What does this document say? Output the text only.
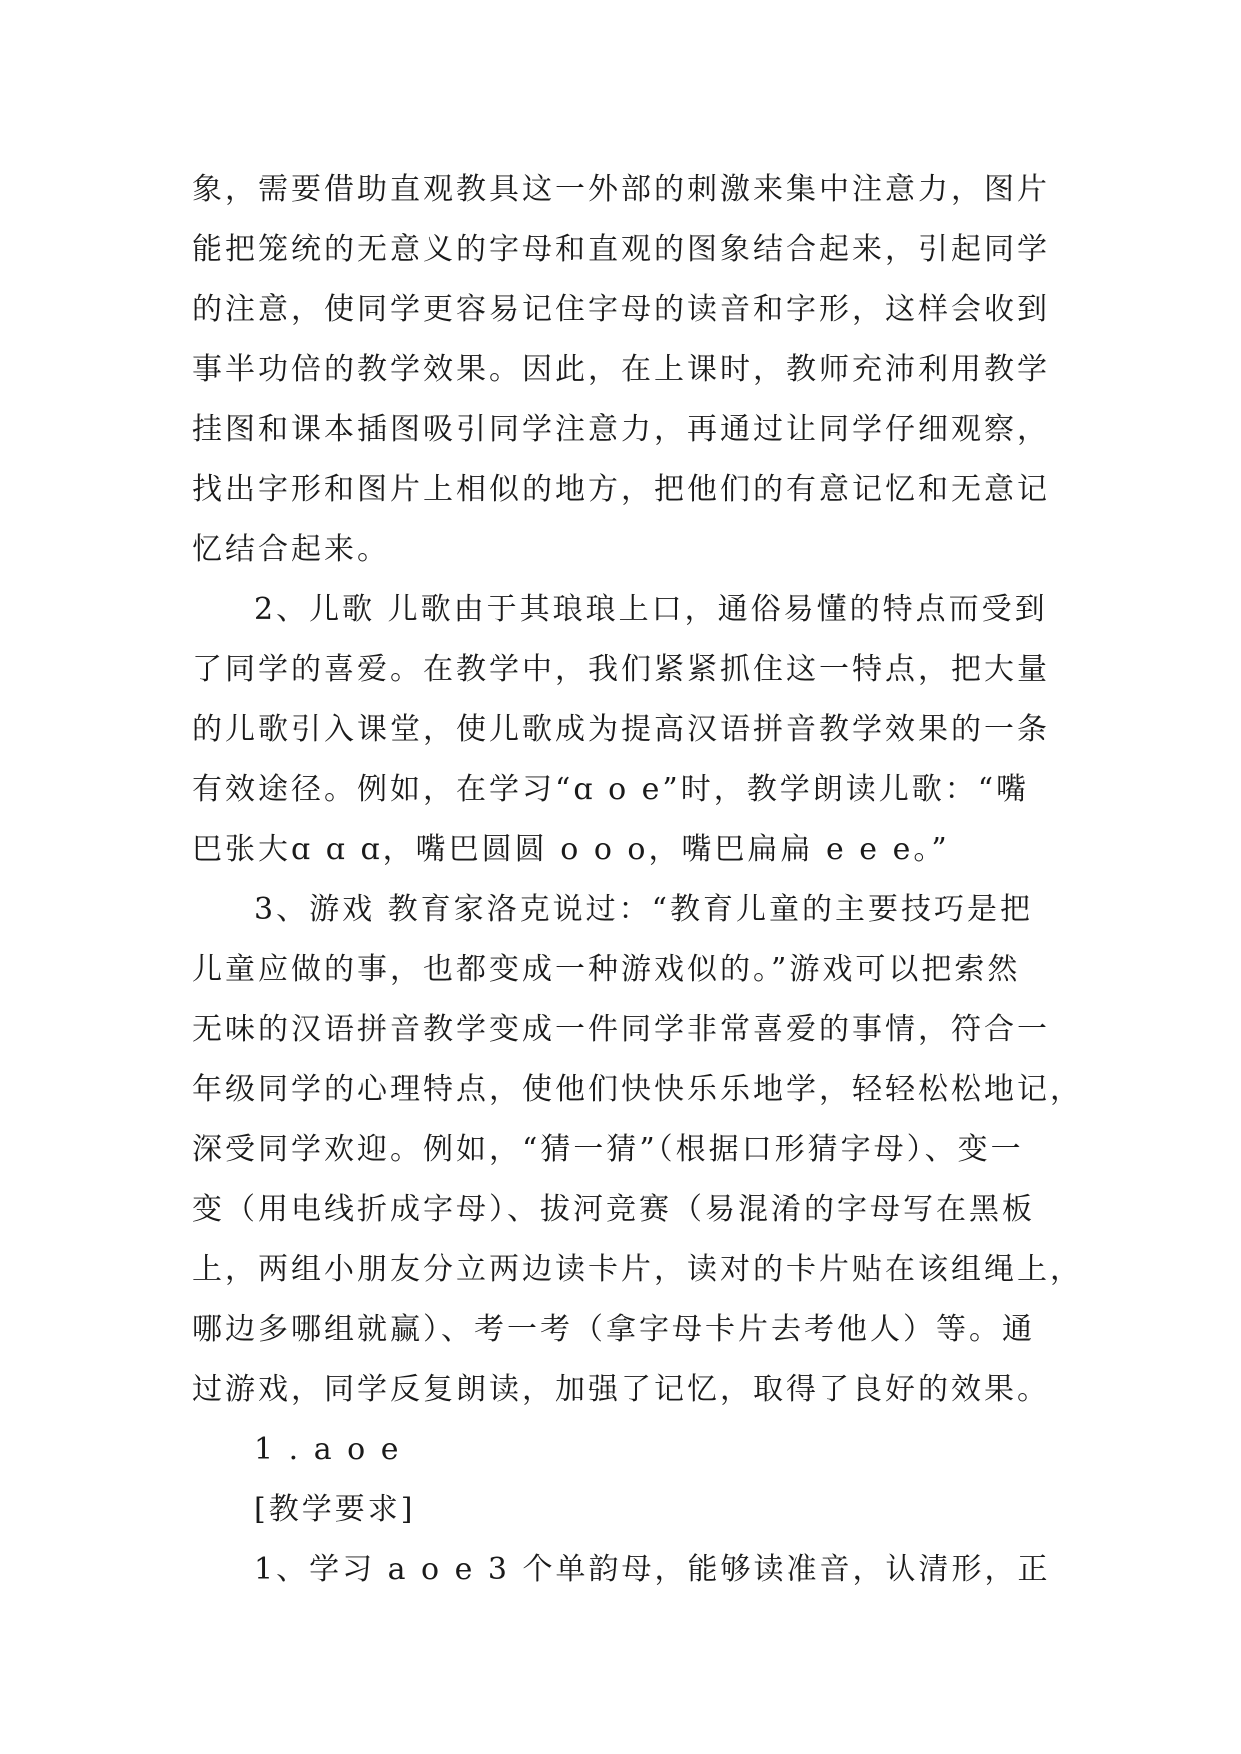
象，需要借助直观教具这一外部的刺激来集中注意力，图片
能把笼统的无意义的字母和直观的图象结合起来，引起同学
的注意，使同学更容易记住字母的读音和字形，这样会收到
事半功倍的教学效果。因此，在上课时，教师充沛利用教学
挂图和课本插图吸引同学注意力，再通过让同学仔细观察，
找出字形和图片上相似的地方，把他们的有意记忆和无意记
忆结合起来。
2、儿歌 儿歌由于其琅琅上口，通俗易懂的特点而受到
了同学的喜爱。在教学中，我们紧紧抓住这一特点，把大量
的儿歌引入课堂，使儿歌成为提高汉语拼音教学效果的一条
有效途径。例如，在学习“ɑ o e”时，教学朗读儿歌：“嘴
巴张大ɑ ɑ ɑ，嘴巴圆圆 o o o，嘴巴扁扁 e e e。”
3、游戏 教育家洛克说过：“教育儿童的主要技巧是把
儿童应做的事，也都变成一种游戏似的。”游戏可以把索然
无味的汉语拼音教学变成一件同学非常喜爱的事情，符合一
年级同学的心理特点，使他们快快乐乐地学，轻轻松松地记，
深受同学欢迎。例如，“猜一猜”（根据口形猜字母）、变一
变（用电线折成字母）、拔河竞赛（易混淆的字母写在黑板
上，两组小朋友分立两边读卡片，读对的卡片贴在该组绳上，
哪边多哪组就赢）、考一考（拿字母卡片去考他人）等。通
过游戏，同学反复朗读，加强了记忆，取得了良好的效果。
1 . a o e
[教学要求]
1、学习 a o e 3 个单韵母，能够读准音，认清形，正
